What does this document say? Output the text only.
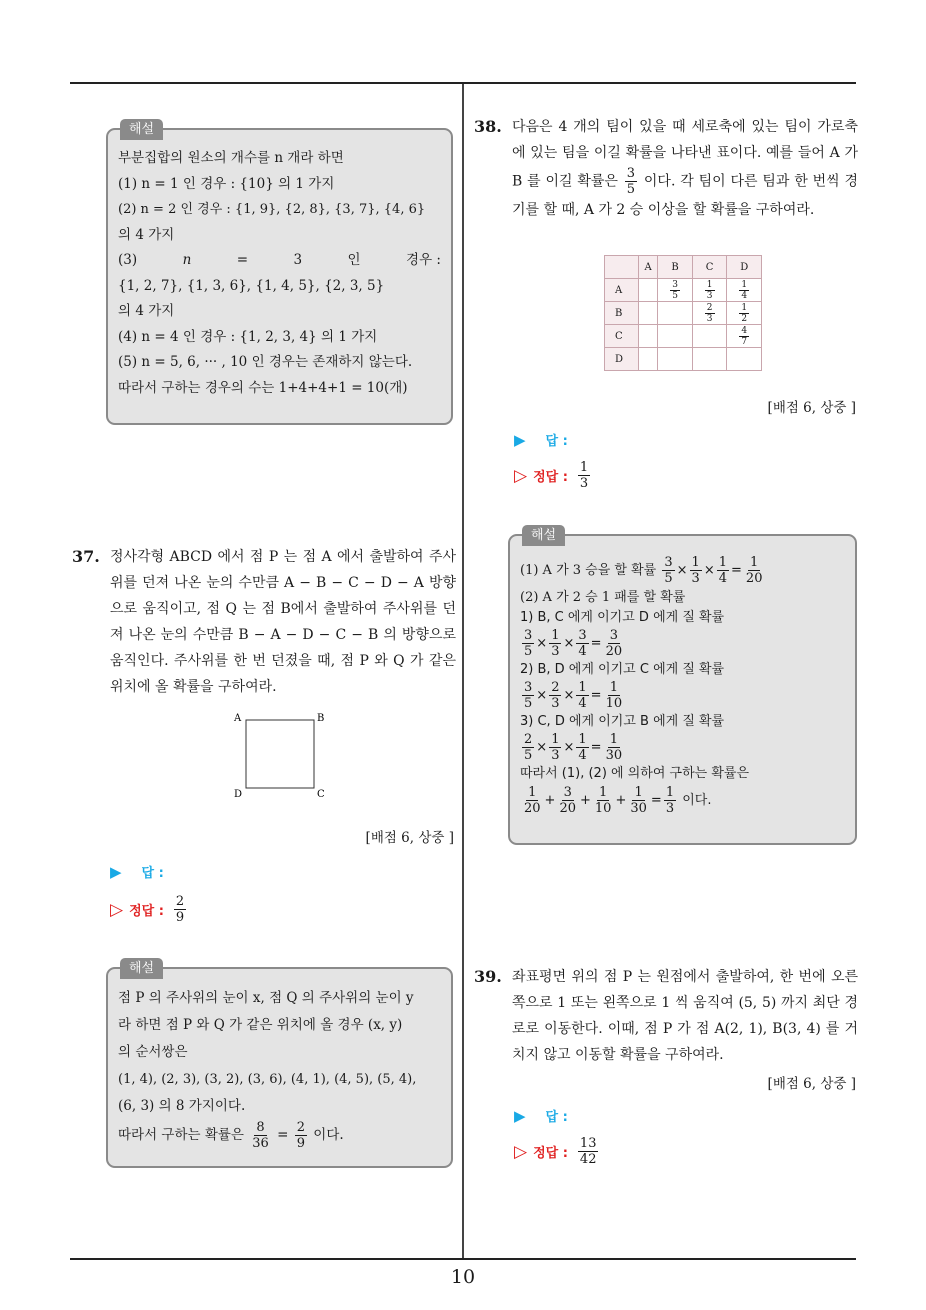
해설
부분집합의 원소의 개수를 n 개라 하면
(1) n = 1 인 경우 : {10} 의 1 가지
(2) n = 2 인 경우 : {1, 9}, {2, 8}, {3, 7}, {4, 6}
의 4 가지
(3)	n	=	3	인	경우 :
{1, 2, 7}, {1, 3, 6}, {1, 4, 5}, {2, 3, 5}
의 4 가지
(4) n = 4 인 경우 : {1, 2, 3, 4} 의 1 가지
(5) n = 5, 6, ··· , 10 인 경우는 존재하지 않는다.
따라서 구하는 경우의 수는 1+4+4+1 = 10(개)
37. 정사각형 ABCD 에서 점 P 는 점 A 에서 출발하여 주사위를 던져 나온 눈의 수만큼 A − B − C − D − A 방향으로 움직이고, 점 Q 는 점 B에서 출발하여 주사위를 던져 나온 눈의 수만큼 B − A − D − C − B 의 방향으로 움직인다. 주사위를 한 번 던졌을 때, 점 P 와 Q 가 같은 위치에 올 확률을 구하여라.
A	B
D	C
[배점 6, 상중 ]
▶ 답 :
▷ 정답 : $\frac{2}{9}$
해설
점 P 의 주사위의 눈이 x, 점 Q 의 주사위의 눈이 y
라 하면 점 P 와 Q 가 같은 위치에 올 경우 (x, y)
의 순서쌍은
(1, 4), (2, 3), (3, 2), (3, 6), (4, 1), (4, 5), (5, 4),
(6, 3) 의 8 가지이다.
따라서 구하는 확률은 $\frac{8}{36} = \frac{2}{9}$ 이다.
38. 다음은 4 개의 팀이 있을 때 세로축에 있는 팀이 가로축에 있는 팀을 이길 확률을 나타낸 표이다. 예를 들어 A 가 B 를 이길 확률은 $\frac{3}{5}$ 이다. 각 팀이 다른 팀과 한 번씩 경기를 할 때, A 가 2 승 이상을 할 확률을 구하여라.
	A	B	C	D
A		$\frac{3}{5}$	$\frac{1}{3}$	$\frac{1}{4}$

B			$\frac{2}{3}$	$\frac{1}{2}$

C				$\frac{4}{7}$

D				
[배점 6, 상중 ]
▶ 답 :
▷ 정답 : $\frac{1}{3}$
해설
(1) A 가 3 승을 할 확률 $\frac{3}{5} \times \frac{1}{3} \times \frac{1}{4} = \frac{1}{20}$
(2) A 가 2 승 1 패를 할 확률
1) B, C 에게 이기고 D 에게 질 확률
$\frac{3}{5} \times \frac{1}{3} \times \frac{3}{4} = \frac{3}{20}$
2) B, D 에게 이기고 C 에게 질 확률
$\frac{3}{5} \times \frac{2}{3} \times \frac{1}{4} = \frac{1}{10}$
3) C, D 에게 이기고 B 에게 질 확률
$\frac{2}{5} \times \frac{1}{3} \times \frac{1}{4} = \frac{1}{30}$
따라서 (1), (2) 에 의하여 구하는 확률은
$\frac{1}{20} + \frac{3}{20} + \frac{1}{10} + \frac{1}{30} = \frac{1}{3}$ 이다.
39. 좌표평면 위의 점 P 는 원점에서 출발하여, 한 번에 오른쪽으로 1 또는 왼쪽으로 1 씩 움직여 (5, 5) 까지 최단 경로로 이동한다. 이때, 점 P 가 점 A(2, 1), B(3, 4) 를 거치지 않고 이동할 확률을 구하여라.
[배점 6, 상중 ]
▶ 답 :
▷ 정답 : $\frac{13}{42}$
10
